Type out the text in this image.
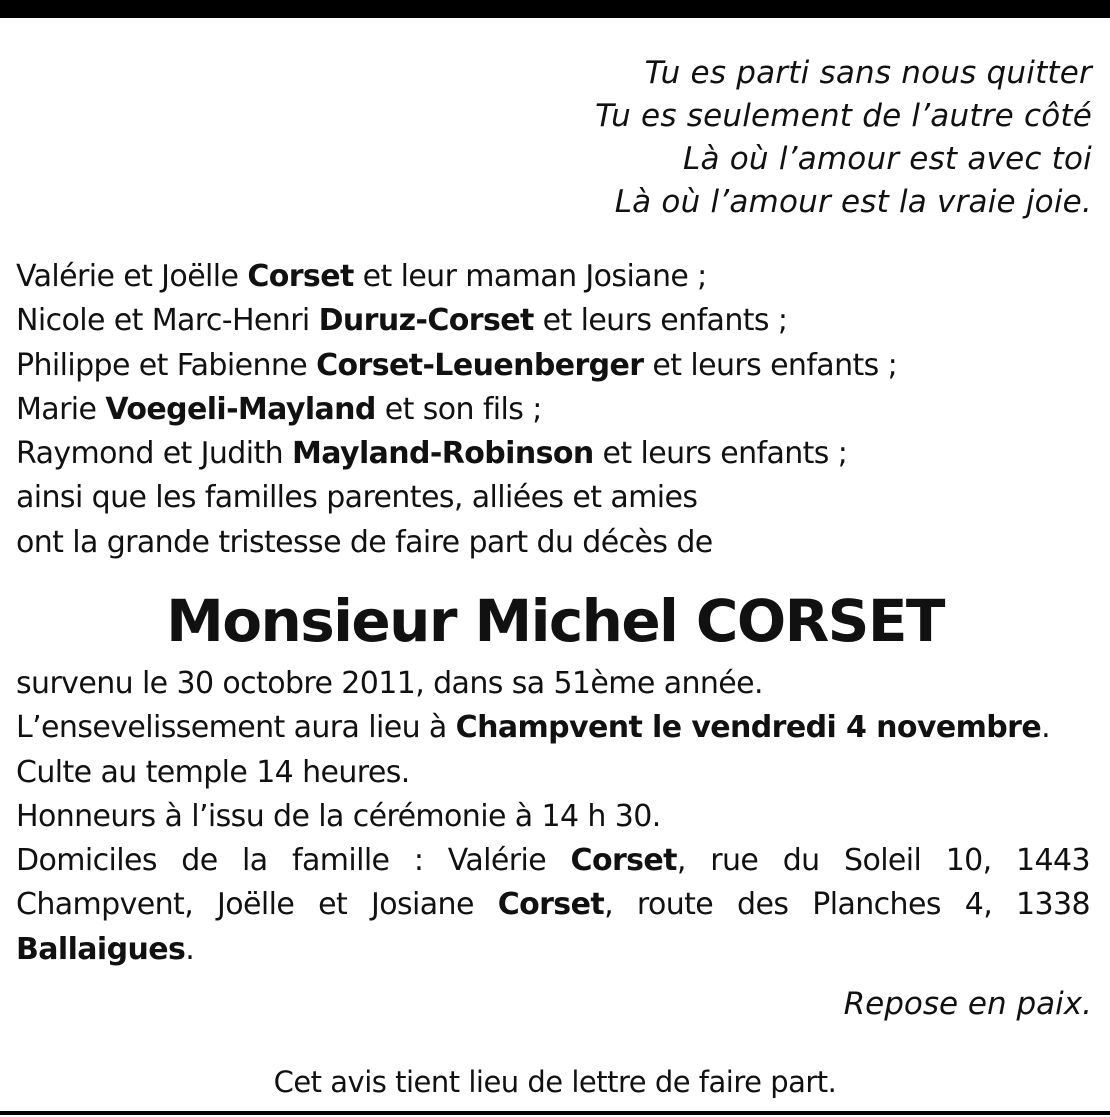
Tu es parti sans nous quitter
Tu es seulement de l’autre côté
Là où l’amour est avec toi
Là où l’amour est la vraie joie.
Valérie et Joëlle Corset et leur maman Josiane ;
Nicole et Marc-Henri Duruz-Corset et leurs enfants ;
Philippe et Fabienne Corset-Leuenberger et leurs enfants ;
Marie Voegeli-Mayland et son fils ;
Raymond et Judith Mayland-Robinson et leurs enfants ;
ainsi que les familles parentes, alliées et amies
ont la grande tristesse de faire part du décès de
Monsieur Michel CORSET
survenu le 30 octobre 2011, dans sa 51ème année.
L’ensevelissement aura lieu à Champvent le vendredi 4 novembre.
Culte au temple 14 heures.
Honneurs à l’issu de la cérémonie à 14 h 30.
Domiciles de la famille : Valérie Corset, rue du Soleil 10, 1443 Champvent, Joëlle et Josiane Corset, route des Planches 4, 1338
Ballaigues.
Repose en paix.
Cet avis tient lieu de lettre de faire part.
